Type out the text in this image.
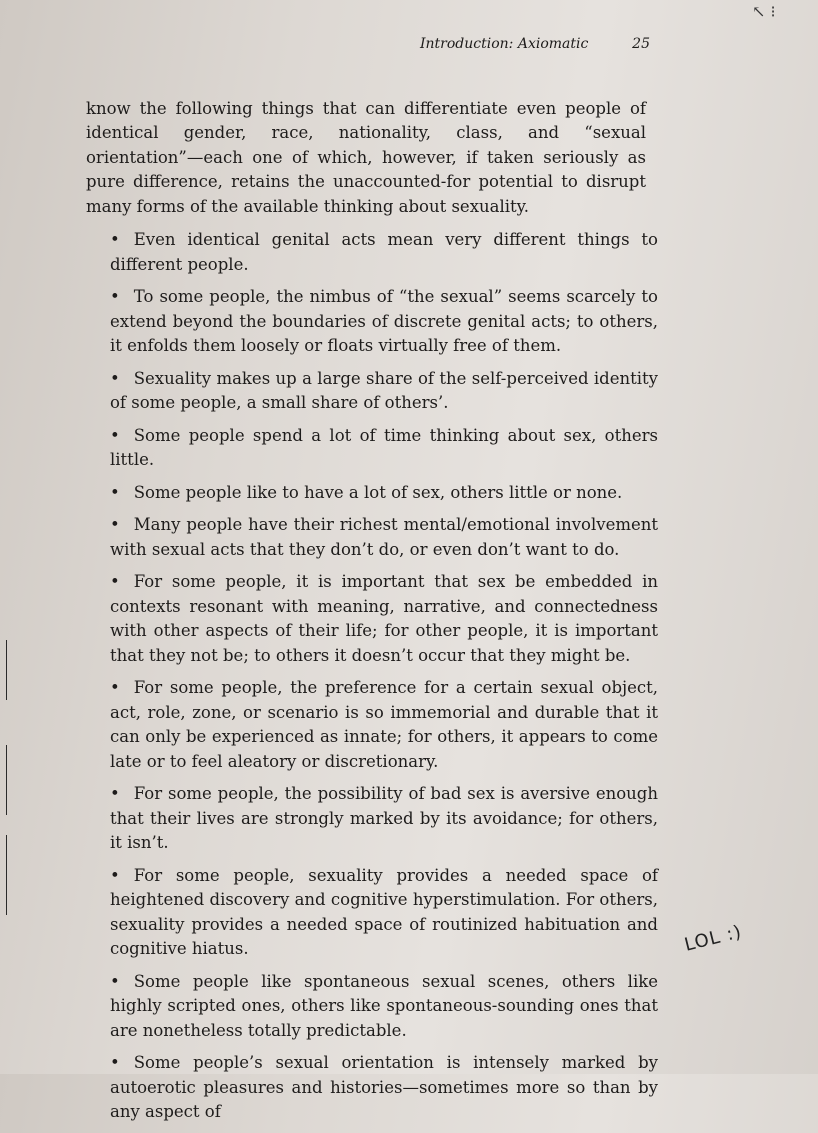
↖ ⁝
Introduction: Axiomatic	25

know the following things that can differentiate even people of identical gender, race, nationality, class, and “sexual orientation”—each one of which, however, if taken seriously as pure difference, retains the unaccounted-for potential to disrupt many forms of the available thinking about sexuality.

• Even identical genital acts mean very different things to different people.
• To some people, the nimbus of “the sexual” seems scarcely to extend beyond the boundaries of discrete genital acts; to others, it enfolds them loosely or floats virtually free of them.
• Sexuality makes up a large share of the self-perceived identity of some people, a small share of others’.
• Some people spend a lot of time thinking about sex, others little.
• Some people like to have a lot of sex, others little or none.
• Many people have their richest mental/emotional involvement with sexual acts that they don’t do, or even don’t want to do.
• For some people, it is important that sex be embedded in contexts resonant with meaning, narrative, and connectedness with other aspects of their life; for other people, it is important that they not be; to others it doesn’t occur that they might be.
• For some people, the preference for a certain sexual object, act, role, zone, or scenario is so immemorial and durable that it can only be experienced as innate; for others, it appears to come late or to feel aleatory or discretionary.
• For some people, the possibility of bad sex is aversive enough that their lives are strongly marked by its avoidance; for others, it isn’t.
• For some people, sexuality provides a needed space of heightened discovery and cognitive hyperstimulation. For others, sexuality provides a needed space of routinized habituation and cognitive hiatus.
• Some people like spontaneous sexual scenes, others like highly scripted ones, others like spontaneous-sounding ones that are nonetheless totally predictable.
• Some people’s sexual orientation is intensely marked by autoerotic pleasures and histories—sometimes more so than by any aspect of
LOL :)
